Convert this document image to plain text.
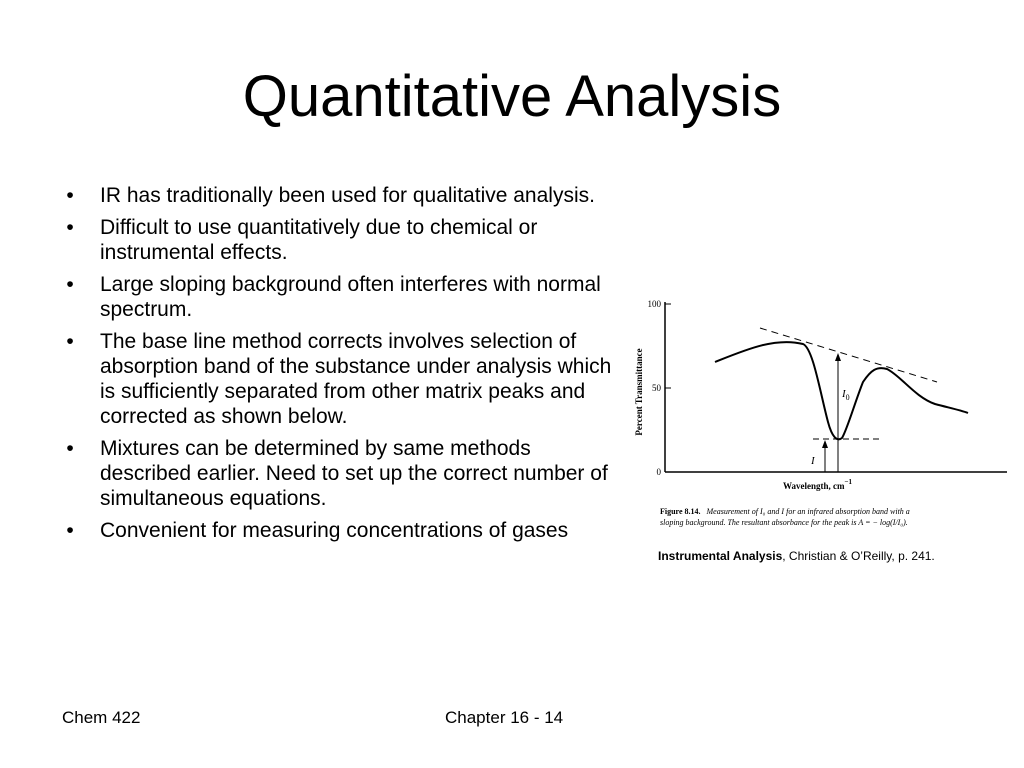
Quantitative Analysis
•	IR has traditionally been used for qualitative analysis.
•	Difficult to use quantitatively due to chemical or instrumental effects.
•	Large sloping background often interferes with normal spectrum.
•	The base line method corrects involves selection of absorption band of the substance under analysis which is sufficiently separated from other matrix peaks and corrected as shown below.
•	Mixtures can be determined by same methods described earlier. Need to set up the correct number of simultaneous equations.
•	Convenient for measuring concentrations of gases
100
50
0
Percent Transmittance	$I_0$
I
Wavelength, $cm^{-1}$
Figure 8.14. Measurement of I₀ and I for an infrared absorption band with a
sloping background. The resultant absorbance for the peak is A = − log(I/I₀).
Instrumental Analysis, Christian & O’Reilly, p. 241.
Chem 422	Chapter 16 - 14
